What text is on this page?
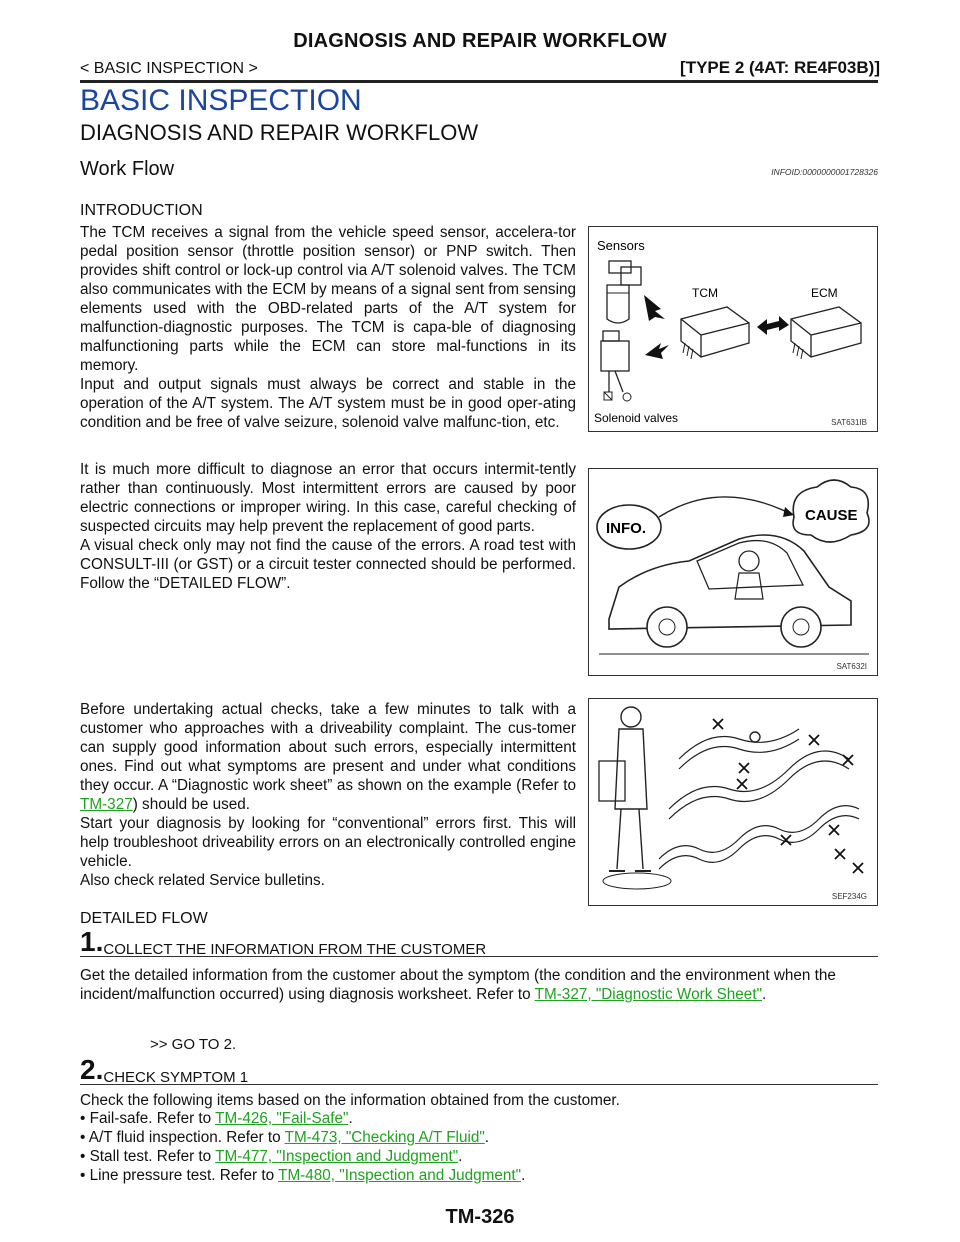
DIAGNOSIS AND REPAIR WORKFLOW
< BASIC INSPECTION >	[TYPE 2 (4AT: RE4F03B)]
BASIC INSPECTION
DIAGNOSIS AND REPAIR WORKFLOW
Work Flow	INFOID:0000000001728326
INTRODUCTION

The TCM receives a signal from the vehicle speed sensor, accelera-tor pedal position sensor (throttle position sensor) or PNP switch. Then provides shift control or lock-up control via A/T solenoid valves. The TCM also communicates with the ECM by means of a signal sent from sensing elements used with the OBD-related parts of the A/T system for malfunction-diagnostic purposes. The TCM is capa-ble of diagnosing malfunctioning parts while the ECM can store mal-functions in its memory.

Input and output signals must always be correct and stable in the operation of the A/T system. The A/T system must be in good oper-ating condition and be free of valve seizure, solenoid valve malfunc-tion, etc.

Sensors
Solenoid valves
TCM	ECM
SAT631IB

It is much more difficult to diagnose an error that occurs intermit-tently rather than continuously. Most intermittent errors are caused by poor electric connections or improper wiring. In this case, careful checking of suspected circuits may help prevent the replacement of good parts.

A visual check only may not find the cause of the errors. A road test with CONSULT-III (or GST) or a circuit tester connected should be performed. Follow the “DETAILED FLOW”.

INFO.
CAUSE
SAT632I

Before undertaking actual checks, take a few minutes to talk with a customer who approaches with a driveability complaint. The cus-tomer can supply good information about such errors, especially intermittent ones. Find out what symptoms are present and under what conditions they occur. A “Diagnostic work sheet” as shown on the example (Refer to TM-327) should be used.

Start your diagnosis by looking for “conventional” errors first. This will help troubleshoot driveability errors on an electronically controlled engine vehicle.

Also check related Service bulletins.

SEF234G
DETAILED FLOW
1.COLLECT THE INFORMATION FROM THE CUSTOMER
Get the detailed information from the customer about the symptom (the condition and the environment when the incident/malfunction occurred) using diagnosis worksheet. Refer to TM-327, "Diagnostic Work Sheet".
>> GO TO 2.
2.CHECK SYMPTOM 1
Check the following items based on the information obtained from the customer.
• Fail-safe. Refer to TM-426, "Fail-Safe".
• A/T fluid inspection. Refer to TM-473, "Checking A/T Fluid".
• Stall test. Refer to TM-477, "Inspection and Judgment".
• Line pressure test. Refer to TM-480, "Inspection and Judgment".
TM-326
